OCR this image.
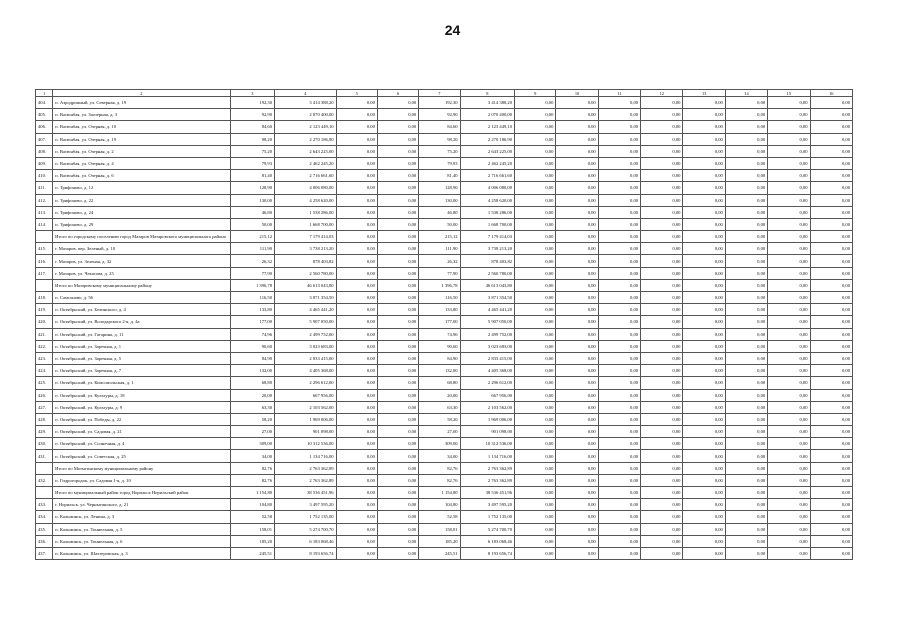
24
1	2	3	4	5	6	7	8	9	10	11	12	13	14	15	16
404.	п. Аэродромный, ул. Северная, д. 19	192,30	3 414 388,20	0,00	0,00	192,30	3 414 388,20	0,00	0,00	0,00	0,00	0,00	0,00	0,00	0,00
405.	п. Васюнбая, ул. Заозерная, д. 3	92,90	2 070 400,00	0,00	0,00	92,90	2 070 400,00	0,00	0,00	0,00	0,00	0,00	0,00	0,00	0,00
406.	п. Васюнбая, ул. Озерная, д. 10	84,60	2 123 449,10	0,00	0,00	84,60	2 123 449,10	0,00	0,00	0,00	0,00	0,00	0,00	0,00	0,00
407.	п. Васюнбая, ул. Озерная, д. 19	98,20	2 270 186,90	0,00	0,00	98,20	2 270 186,90	0,00	0,00	0,00	0,00	0,00	0,00	0,00	0,00
408.	п. Васюнбая, ул. Озерная, д. 2	75,20	2 643 225,00	0,00	0,00	75,20	2 643 225,00	0,00	0,00	0,00	0,00	0,00	0,00	0,00	0,00
409.	п. Васюнбая, ул. Озерная, д. 4	79,93	2 462 245,20	0,00	0,00	79,93	2 462 245,20	0,00	0,00	0,00	0,00	0,00	0,00	0,00	0,00
410.	п. Васюнбая, ул. Озерная, д. 6	81,40	2 716 661,60	0,00	0,00	81,40	2 716 661,60	0,00	0,00	0,00	0,00	0,00	0,00	0,00	0,00
411.	п. Трифоново, д. 12	128,90	4 006 080,00	0,00	0,00	128,90	4 006 080,00	0,00	0,00	0,00	0,00	0,00	0,00	0,00	0,00
412.	п. Трифоново, д. 22	130,00	4 258 620,00	0,00	0,00	130,00	4 258 620,00	0,00	0,00	0,00	0,00	0,00	0,00	0,00	0,00
413.	п. Трифоново, д. 24	46,80	1 538 286,00	0,00	0,00	46,80	1 538 286,00	0,00	0,00	0,00	0,00	0,00	0,00	0,00	0,00
414.	п. Трифоново, д. 29	50,00	1 668 700,00	0,00	0,00	50,00	1 668 700,00	0,00	0,00	0,00	0,00	0,00	0,00	0,00	0,00
	Итого по городскому поселению город Мазаров Мазаровского муниципального района	215,12	7 179 414,03	0,00	0,00	215,12	7 179 414,03	0,00	0,00	0,00	0,00	0,00	0,00	0,00	0,00
415.	г. Мазаров, пер. Зеленый, д. 10	111,90	3 738 213,20	0,00	0,00	111,90	3 738 213,20	0,00	0,00	0,00	0,00	0,00	0,00	0,00	0,00
416.	г. Мазаров, ул. Зеленая, д. 32	26,32	878 403,82	0,00	0,00	26,32	878 403,82	0,00	0,00	0,00	0,00	0,00	0,00	0,00	0,00
417.	г. Мазаров, ул. Чекасова, д. 25	77,90	2 560 780,00	0,00	0,00	77,90	2 560 780,00	0,00	0,00	0,00	0,00	0,00	0,00	0,00	0,00
	Итого по Мазаровскому муниципальному району	1 396,78	46 613 043,80	0,00	0,00	1 396,78	46 613 043,80	0,00	0,00	0,00	0,00	0,00	0,00	0,00	0,00
418.	п. Самсоново, д. 56	116,50	3 871 354,50	0,00	0,00	116,50	3 871 354,50	0,00	0,00	0,00	0,00	0,00	0,00	0,00	0,00
419.	п. Октябрьский, ул. Белинского, д. 4	133,80	4 465 441,20	0,00	0,00	133,80	4 465 441,20	0,00	0,00	0,00	0,00	0,00	0,00	0,00	0,00
420.	п. Октябрьский, ул. Володарского 2-я, д. 4а	177,00	5 907 050,00	0,00	0,00	177,00	5 907 050,00	0,00	0,00	0,00	0,00	0,00	0,00	0,00	0,00
421.	п. Октябрьский, ул. Гагарина, д. 11	74,96	2 499 752,00	0,00	0,00	74,96	2 499 752,00	0,00	0,00	0,00	0,00	0,00	0,00	0,00	0,00
422.	п. Октябрьский, ул. Заречная, д. 1	90,60	3 023 683,00	0,00	0,00	90,60	3 023 683,00	0,00	0,00	0,00	0,00	0,00	0,00	0,00	0,00
423.	п. Октябрьский, ул. Заречная, д. 5	84,90	2 833 415,00	0,00	0,00	84,90	2 833 415,00	0,00	0,00	0,00	0,00	0,00	0,00	0,00	0,00
424.	п. Октябрьский, ул. Заречная, д. 7	132,00	4 405 368,00	0,00	0,00	132,00	4 405 368,00	0,00	0,00	0,00	0,00	0,00	0,00	0,00	0,00
425.	п. Октябрьский, ул. Комсомольская, д. 1	68,80	2 296 612,00	0,00	0,00	68,80	2 296 612,00	0,00	0,00	0,00	0,00	0,00	0,00	0,00	0,00
426.	п. Октябрьский, ул. Культуры, д. 18	20,00	667 956,00	0,00	0,00	20,00	667 956,00	0,00	0,00	0,00	0,00	0,00	0,00	0,00	0,00
427.	п. Октябрьский, ул. Культуры, д. 9	63,30	2 103 562,00	0,00	0,00	63,30	2 103 562,00	0,00	0,00	0,00	0,00	0,00	0,00	0,00	0,00
428.	п. Октябрьский, ул. Победы, д. 22	58,20	1 969 006,00	0,00	0,00	58,20	1 969 006,00	0,00	0,00	0,00	0,00	0,00	0,00	0,00	0,00
429.	п. Октябрьский, ул. Садовая, д. 21	27,00	901 098,00	0,00	0,00	27,00	901 098,00	0,00	0,00	0,00	0,00	0,00	0,00	0,00	0,00
430.	п. Октябрьский, ул. Солнечная, д. 4	309,00	10 312 536,00	0,00	0,00	309,00	10 312 536,00	0,00	0,00	0,00	0,00	0,00	0,00	0,00	0,00
431.	п. Октябрьский, ул. Советская, д. 25	34,00	1 134 716,00	0,00	0,00	34,00	1 134 716,00	0,00	0,00	0,00	0,00	0,00	0,00	0,00	0,00
	Итого по Мотыгинскому муниципальному району	82,76	2 763 362,89	0,00	0,00	82,76	2 763 362,89	0,00	0,00	0,00	0,00	0,00	0,00	0,00	0,00
432.	п. Гидрогородок, ул. Садовая 1-я, д. 10	82,76	2 763 362,89	0,00	0,00	82,76	2 763 362,89	0,00	0,00	0,00	0,00	0,00	0,00	0,00	0,00
	Итого по муниципальный район город Норильск Норильский район	1 154,80	38 536 451,96	0,00	0,00	1 154,80	38 536 451,96	0,00	0,00	0,00	0,00	0,00	0,00	0,00	0,00
433.	г. Норильск, ул. Черныгинского, д. 21	104,80	3 497 595,20	0,00	0,00	104,80	3 497 595,20	0,00	0,00	0,00	0,00	0,00	0,00	0,00	0,00
434.	п. Кальминск, ул. Ленина, д. 3	52,58	1 752 135,00	0,00	0,00	52,58	1 752 135,00	0,00	0,00	0,00	0,00	0,00	0,00	0,00	0,00
435.	п. Кальминск, ул. Тоннельная, д. 5	158,01	5 274 700,70	0,00	0,00	158,01	5 274 700,70	0,00	0,00	0,00	0,00	0,00	0,00	0,00	0,00
436.	п. Кальминск, ул. Тоннельная, д. 6	185,20	6 183 068,46	0,00	0,00	185,20	6 183 068,46	0,00	0,00	0,00	0,00	0,00	0,00	0,00	0,00
437.	п. Кальминск, ул. Шахтеровская, д. 3	245,51	8 193 656,74	0,00	0,00	245,51	8 193 656,74	0,00	0,00	0,00	0,00	0,00	0,00	0,00	0,00
